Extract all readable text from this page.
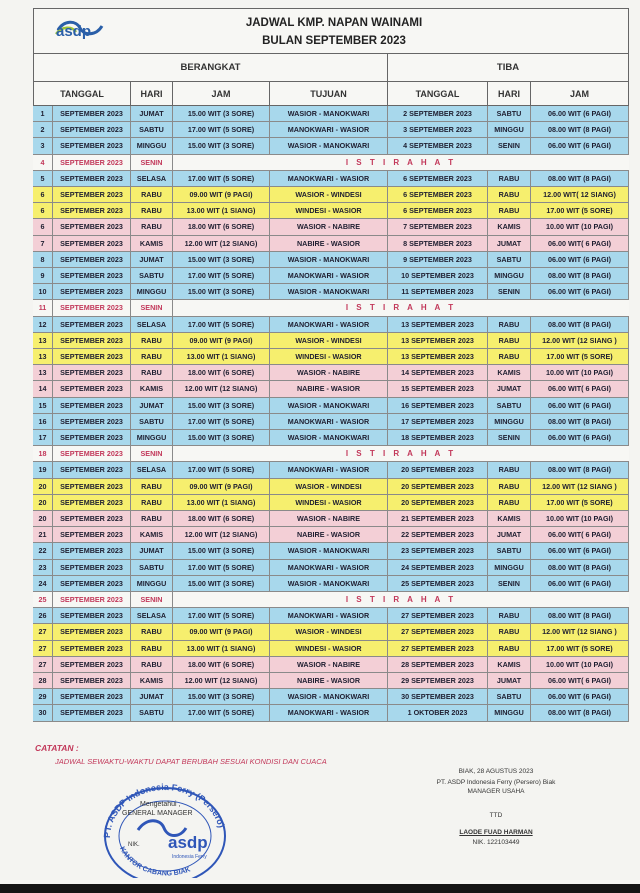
asdp	JADWAL KMP. NAPAN WAINAMI
BULAN SEPTEMBER 2023
BERANGKAT	TIBA
TANGGAL	HARI	JAM	TUJUAN	TANGGAL	HARI	JAM
1	SEPTEMBER 2023	JUMAT	15.00 WIT (3 SORE)	WASIOR - MANOKWARI	2 SEPTEMBER 2023	SABTU	06.00 WIT (6 PAGI)
2	SEPTEMBER 2023	SABTU	17.00 WIT (5 SORE)	MANOKWARI - WASIOR	3 SEPTEMBER 2023	MINGGU	08.00 WIT (8 PAGI)
3	SEPTEMBER 2023	MINGGU	15.00 WIT (3 SORE)	WASIOR - MANOKWARI	4 SEPTEMBER 2023	SENIN	06.00 WIT (6 PAGI)
4	SEPTEMBER 2023	SENIN	I S T I R A H A T
5	SEPTEMBER 2023	SELASA	17.00 WIT (5 SORE)	MANOKWARI - WASIOR	6 SEPTEMBER 2023	RABU	08.00 WIT (8 PAGI)
6	SEPTEMBER 2023	RABU	09.00 WIT (9 PAGI)	WASIOR - WINDESI	6 SEPTEMBER 2023	RABU	12.00 WIT( 12 SIANG)
6	SEPTEMBER 2023	RABU	13.00 WIT (1 SIANG)	WINDESI - WASIOR	6 SEPTEMBER 2023	RABU	17.00 WIT (5 SORE)
6	SEPTEMBER 2023	RABU	18.00 WIT (6 SORE)	WASIOR - NABIRE	7 SEPTEMBER 2023	KAMIS	10.00 WIT (10 PAGI)
7	SEPTEMBER 2023	KAMIS	12.00 WIT (12 SIANG)	NABIRE - WASIOR	8 SEPTEMBER 2023	JUMAT	06.00 WIT( 6 PAGI)
8	SEPTEMBER 2023	JUMAT	15.00 WIT (3 SORE)	WASIOR - MANOKWARI	9 SEPTEMBER 2023	SABTU	06.00 WIT (6 PAGI)
9	SEPTEMBER 2023	SABTU	17.00 WIT (5 SORE)	MANOKWARI - WASIOR	10 SEPTEMBER 2023	MINGGU	08.00 WIT (8 PAGI)
10	SEPTEMBER 2023	MINGGU	15.00 WIT (3 SORE)	WASIOR - MANOKWARI	11 SEPTEMBER 2023	SENIN	06.00 WIT (6 PAGI)
11	SEPTEMBER 2023	SENIN	I S T I R A H A T
12	SEPTEMBER 2023	SELASA	17.00 WIT (5 SORE)	MANOKWARI - WASIOR	13 SEPTEMBER 2023	RABU	08.00 WIT (8 PAGI)
13	SEPTEMBER 2023	RABU	09.00 WIT (9 PAGI)	WASIOR - WINDESI	13 SEPTEMBER 2023	RABU	12.00 WIT (12 SIANG )
13	SEPTEMBER 2023	RABU	13.00 WIT (1 SIANG)	WINDESI - WASIOR	13 SEPTEMBER 2023	RABU	17.00 WIT (5 SORE)
13	SEPTEMBER 2023	RABU	18.00 WIT (6 SORE)	WASIOR - NABIRE	14 SEPTEMBER 2023	KAMIS	10.00 WIT (10 PAGI)
14	SEPTEMBER 2023	KAMIS	12.00 WIT (12 SIANG)	NABIRE - WASIOR	15 SEPTEMBER 2023	JUMAT	06.00 WIT( 6 PAGI)
15	SEPTEMBER 2023	JUMAT	15.00 WIT (3 SORE)	WASIOR - MANOKWARI	16 SEPTEMBER 2023	SABTU	06.00 WIT (6 PAGI)
16	SEPTEMBER 2023	SABTU	17.00 WIT (5 SORE)	MANOKWARI - WASIOR	17 SEPTEMBER 2023	MINGGU	08.00 WIT (8 PAGI)
17	SEPTEMBER 2023	MINGGU	15.00 WIT (3 SORE)	WASIOR - MANOKWARI	18 SEPTEMBER 2023	SENIN	06.00 WIT (6 PAGI)
18	SEPTEMBER 2023	SENIN	I S T I R A H A T
19	SEPTEMBER 2023	SELASA	17.00 WIT (5 SORE)	MANOKWARI - WASIOR	20 SEPTEMBER 2023	RABU	08.00 WIT (8 PAGI)
20	SEPTEMBER 2023	RABU	09.00 WIT (9 PAGI)	WASIOR - WINDESI	20 SEPTEMBER 2023	RABU	12.00 WIT (12 SIANG )
20	SEPTEMBER 2023	RABU	13.00 WIT (1 SIANG)	WINDESI - WASIOR	20 SEPTEMBER 2023	RABU	17.00 WIT (5 SORE)
20	SEPTEMBER 2023	RABU	18.00 WIT (6 SORE)	WASIOR - NABIRE	21 SEPTEMBER 2023	KAMIS	10.00 WIT (10 PAGI)
21	SEPTEMBER 2023	KAMIS	12.00 WIT (12 SIANG)	NABIRE - WASIOR	22 SEPTEMBER 2023	JUMAT	06.00 WIT( 6 PAGI)
22	SEPTEMBER 2023	JUMAT	15.00 WIT (3 SORE)	WASIOR - MANOKWARI	23 SEPTEMBER 2023	SABTU	06.00 WIT (6 PAGI)
23	SEPTEMBER 2023	SABTU	17.00 WIT (5 SORE)	MANOKWARI - WASIOR	24 SEPTEMBER 2023	MINGGU	08.00 WIT (8 PAGI)
24	SEPTEMBER 2023	MINGGU	15.00 WIT (3 SORE)	WASIOR - MANOKWARI	25 SEPTEMBER 2023	SENIN	06.00 WIT (6 PAGI)
25	SEPTEMBER 2023	SENIN	I S T I R A H A T
26	SEPTEMBER 2023	SELASA	17.00 WIT (5 SORE)	MANOKWARI - WASIOR	27 SEPTEMBER 2023	RABU	08.00 WIT (8 PAGI)
27	SEPTEMBER 2023	RABU	09.00 WIT (9 PAGI)	WASIOR - WINDESI	27 SEPTEMBER 2023	RABU	12.00 WIT (12 SIANG )
27	SEPTEMBER 2023	RABU	13.00 WIT (1 SIANG)	WINDESI - WASIOR	27 SEPTEMBER 2023	RABU	17.00 WIT (5 SORE)
27	SEPTEMBER 2023	RABU	18.00 WIT (6 SORE)	WASIOR - NABIRE	28 SEPTEMBER 2023	KAMIS	10.00 WIT (10 PAGI)
28	SEPTEMBER 2023	KAMIS	12.00 WIT (12 SIANG)	NABIRE - WASIOR	29 SEPTEMBER 2023	JUMAT	06.00 WIT( 6 PAGI)
29	SEPTEMBER 2023	JUMAT	15.00 WIT (3 SORE)	WASIOR - MANOKWARI	30 SEPTEMBER 2023	SABTU	06.00 WIT (6 PAGI)
30	SEPTEMBER 2023	SABTU	17.00 WIT (5 SORE)	MANOKWARI - WASIOR	1 OKTOBER 2023	MINGGU	08.00 WIT (8 PAGI)
CATATAN :
JADWAL SEWAKTU-WAKTU DAPAT BERUBAH SESUAI KONDISI DAN CUACA
PT. ASDP Indonesia Ferry (Persero)
KANTOR CABANG BIAK
asdp
Indonesia Ferry
Mengetahui ,
GENERAL MANAGER
NIK.
BIAK, 28 AGUSTUS 2023
PT. ASDP Indonesia Ferry (Persero) Biak
MANAGER USAHA
TTD
LAODE FUAD HARMAN
NIK. 122103449
